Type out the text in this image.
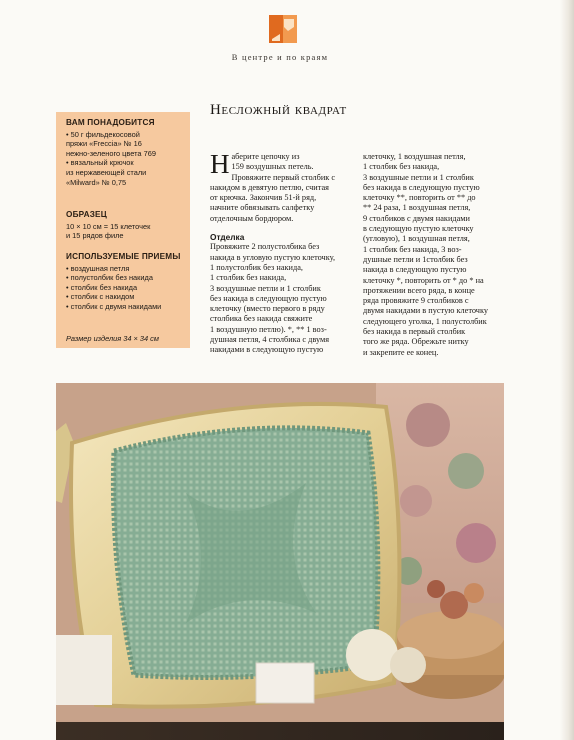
В центре и по краям
ВАМ ПОНАДОБИТСЯ
• 50 г фильдекосовой
пряжи «Freccia» № 16
нежно-зеленого цвета 769
• вязальный крючок
из нержавеющей стали
«Milward» № 0,75
ОБРАЗЕЦ
10 × 10 см = 15 клеточек
и 15 рядов филе
ИСПОЛЬЗУЕМЫЕ ПРИЕМЫ
• воздушная петля
• полустолбик без накида
• столбик без накида
• столбик с накидом
• столбик с двумя накидами
Размер изделия 34 × 34 см
Несложный квадрат

Н аберите цепочку из
159 воздушных петель.
Провяжите первый столбик с
накидом в девятую петлю, считая
от крючка. Закончив 51-й ряд,
начните обвязывать салфетку
отделочным бордюром.

Отделка

Провяжите 2 полустолбика без
накида в угловую пустую клеточку,
1 полустолбик без накида,
1 столбик без накида,
3 воздушные петли и 1 столбик
без накида в следующую пустую
клеточку (вместо первого в ряду
столбика без накида свяжите
1 воздушную петлю). *, ** 1 воз-
душная петля, 4 столбика с двумя
накидами в следующую пустую

клеточку, 1 воздушная петля,
1 столбик без накида,
3 воздушные петли и 1 столбик
без накида в следующую пустую
клеточку **, повторить от ** до
** 24 раза, 1 воздушная петля,
9 столбиков с двумя накидами
в следующую пустую клеточку
(угловую), 1 воздушная петля,
1 столбик без накида, 3 воз-
душные петли и 1столбик без
накида в следующую пустую
клеточку *, повторить от * до * на
протяжении всего ряда, в конце
ряда провяжите 9 столбиков с
двумя накидами в пустую клеточку
следующего уголка, 1 полустолбик
без накида в первый столбик
того же ряда. Обрежьте нитку
и закрепите ее конец.
